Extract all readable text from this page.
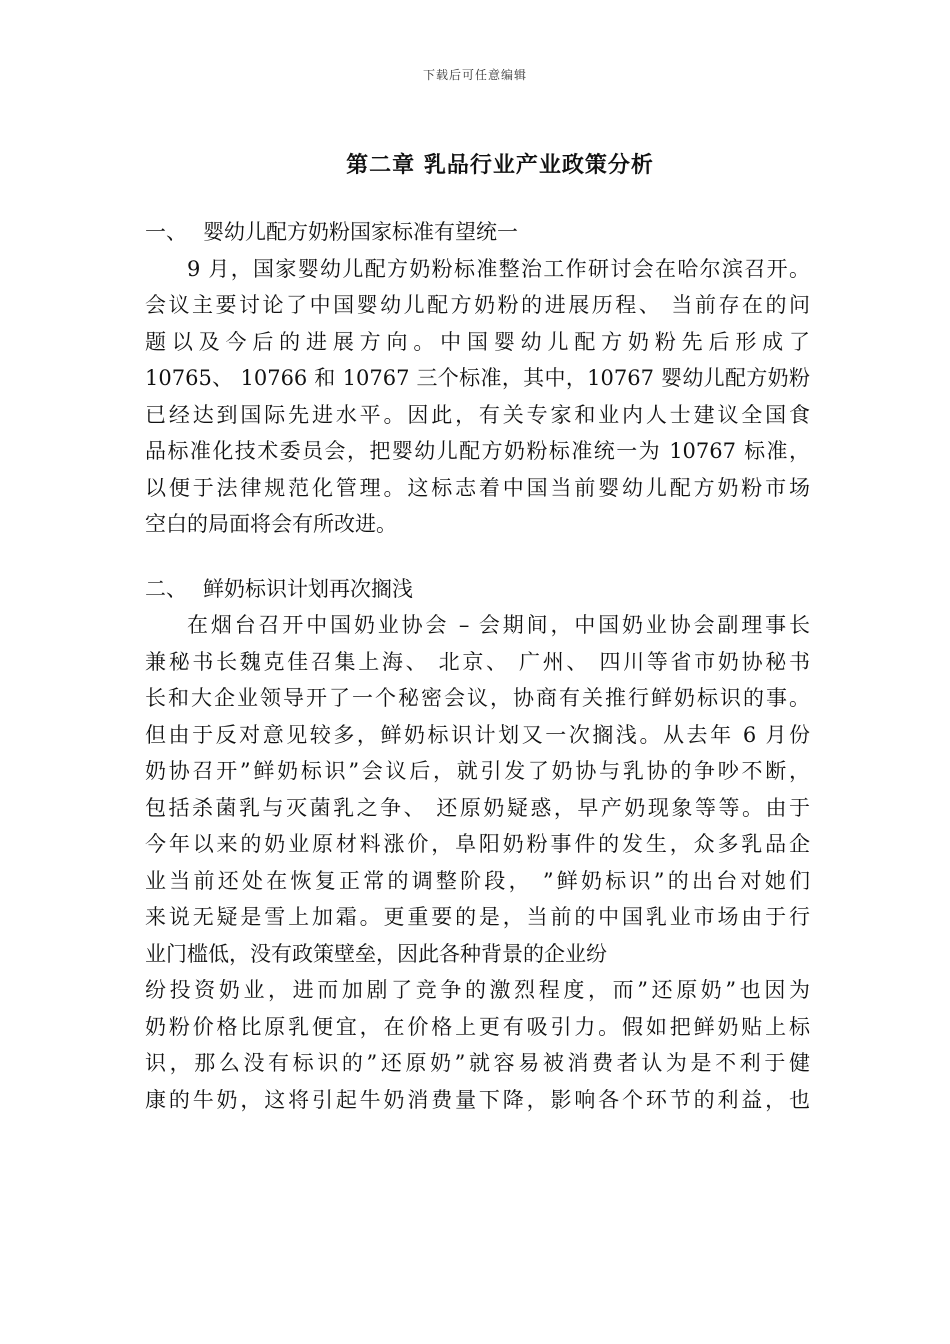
下载后可任意编辑
第二章 乳品行业产业政策分析

一、 婴幼儿配方奶粉国家标准有望统一

9 月，国家婴幼儿配方奶粉标准整治工作研讨会在哈尔滨召开。

会议主要讨论了中国婴幼儿配方奶粉的进展历程、 当前存在的问

题以及今后的进展方向。中国婴幼儿配方奶粉先后形成了

10765、 10766 和 10767 三个标准，其中，10767 婴幼儿配方奶粉

已经达到国际先进水平。因此，有关专家和业内人士建议全国食

品标准化技术委员会，把婴幼儿配方奶粉标准统一为 10767 标准，

以便于法律规范化管理。这标志着中国当前婴幼儿配方奶粉市场

空白的局面将会有所改进。

二、 鲜奶标识计划再次搁浅

在烟台召开中国奶业协会 – 会期间，中国奶业协会副理事长

兼秘书长魏克佳召集上海、 北京、 广州、 四川等省市奶协秘书

长和大企业领导开了一个秘密会议，协商有关推行鲜奶标识的事。

但由于反对意见较多，鲜奶标识计划又一次搁浅。从去年 6 月份

奶协召开”鲜奶标识”会议后，就引发了奶协与乳协的争吵不断，

包括杀菌乳与灭菌乳之争、 还原奶疑惑，早产奶现象等等。由于

今年以来的奶业原材料涨价，阜阳奶粉事件的发生，众多乳品企

业当前还处在恢复正常的调整阶段， ”鲜奶标识”的出台对她们

来说无疑是雪上加霜。更重要的是，当前的中国乳业市场由于行

业门槛低，没有政策壁垒，因此各种背景的企业纷

纷投资奶业，进而加剧了竞争的激烈程度，而”还原奶”也因为

奶粉价格比原乳便宜，在价格上更有吸引力。假如把鲜奶贴上标

识，那么没有标识的”还原奶”就容易被消费者认为是不利于健

康的牛奶，这将引起牛奶消费量下降，影响各个环节的利益，也
